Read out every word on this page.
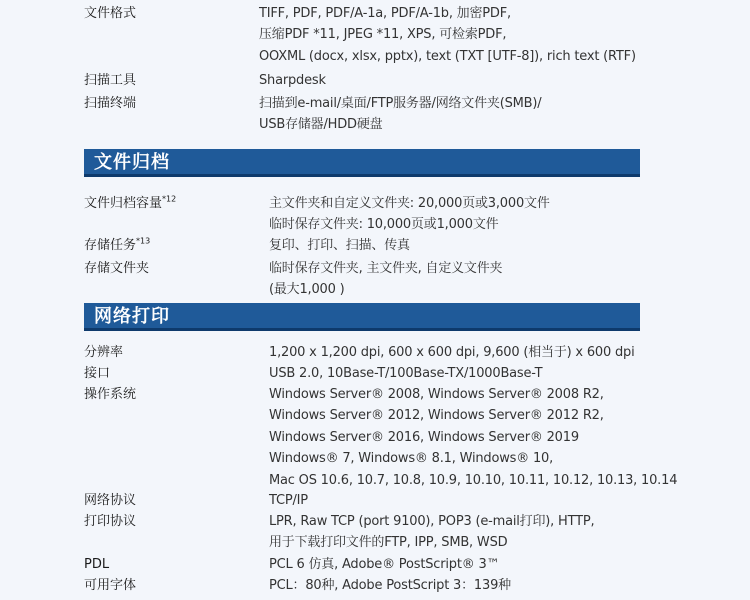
文件格式	TIFF, PDF, PDF/A-1a, PDF/A-1b, 加密PDF,
压缩PDF *11, JPEG *11, XPS, 可检索PDF,
OOXML (docx, xlsx, pptx), text (TXT [UTF-8]), rich text (RTF)
扫描工具	Sharpdesk
扫描终端	扫描到e-mail/桌面/FTP服务器/网络文件夹(SMB)/
USB存储器/HDD硬盘
文件归档
文件归档容量$^{*12}$	主文件夹和自定义文件夹: 20,000页或3,000文件
临时保存文件夹: 10,000页或1,000文件
存储任务$^{*13}$	复印、打印、扫描、传真
存储文件夹	临时保存文件夹, 主文件夹, 自定义文件夹
(最大1,000 )
网络打印
分辨率	1,200 x 1,200 dpi, 600 x 600 dpi, 9,600 (相当于) x 600 dpi
接口	USB 2.0, 10Base-T/100Base-TX/1000Base-T
操作系统	Windows Server® 2008, Windows Server® 2008 R2,
Windows Server® 2012, Windows Server® 2012 R2,
Windows Server® 2016, Windows Server® 2019
Windows® 7, Windows® 8.1, Windows® 10,
Mac OS 10.6, 10.7, 10.8, 10.9, 10.10, 10.11, 10.12, 10.13, 10.14
网络协议	TCP/IP
打印协议	LPR, Raw TCP (port 9100), POP3 (e-mail打印), HTTP,
用于下载打印文件的FTP, IPP, SMB, WSD
PDL	PCL 6 仿真, Adobe® PostScript® 3™
可用字体	PCL：80种, Adobe PostScript 3：139种
